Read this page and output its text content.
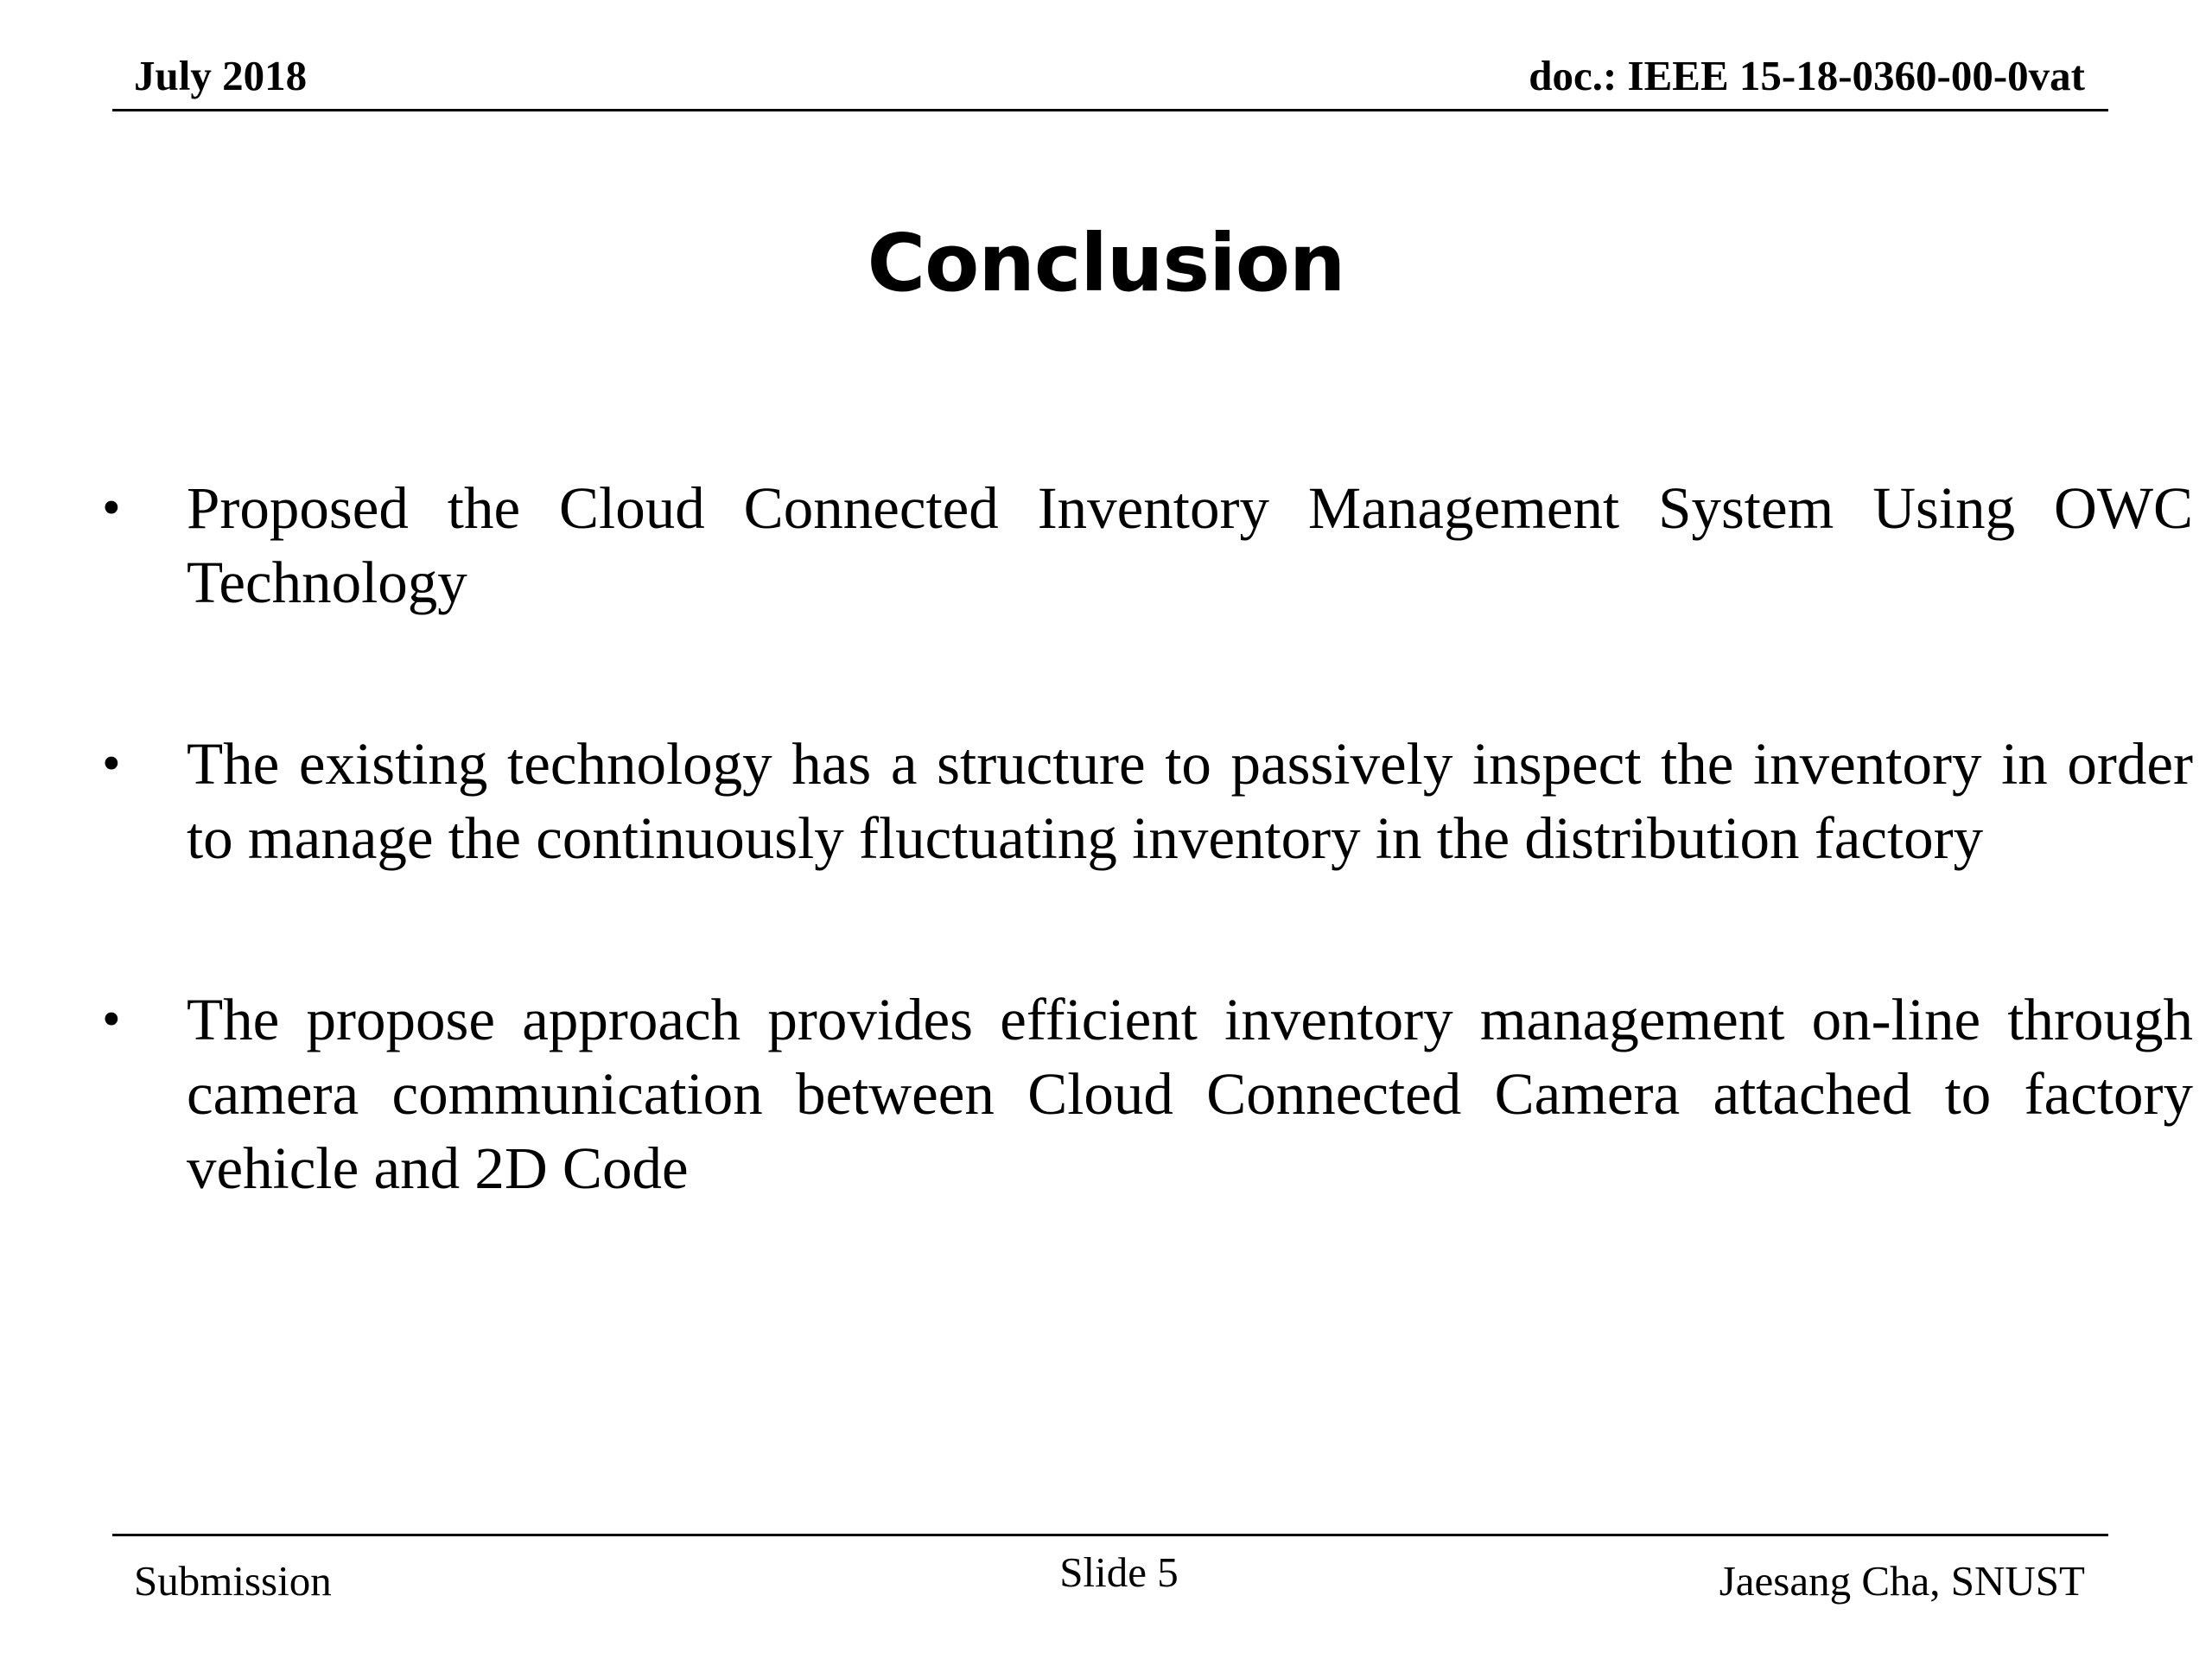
July 2018	doc.: IEEE 15-18-0360-00-0vat
Conclusion
• Proposed the Cloud Connected Inventory Management System Using OWC Technology
• The existing technology has a structure to passively inspect the inventory in order to manage the continuously fluctuating inventory in the distribution factory
• The propose approach provides efficient inventory management on-line through camera communication between Cloud Connected Camera attached to factory vehicle and 2D Code
Submission	Slide 5	Jaesang Cha, SNUST
